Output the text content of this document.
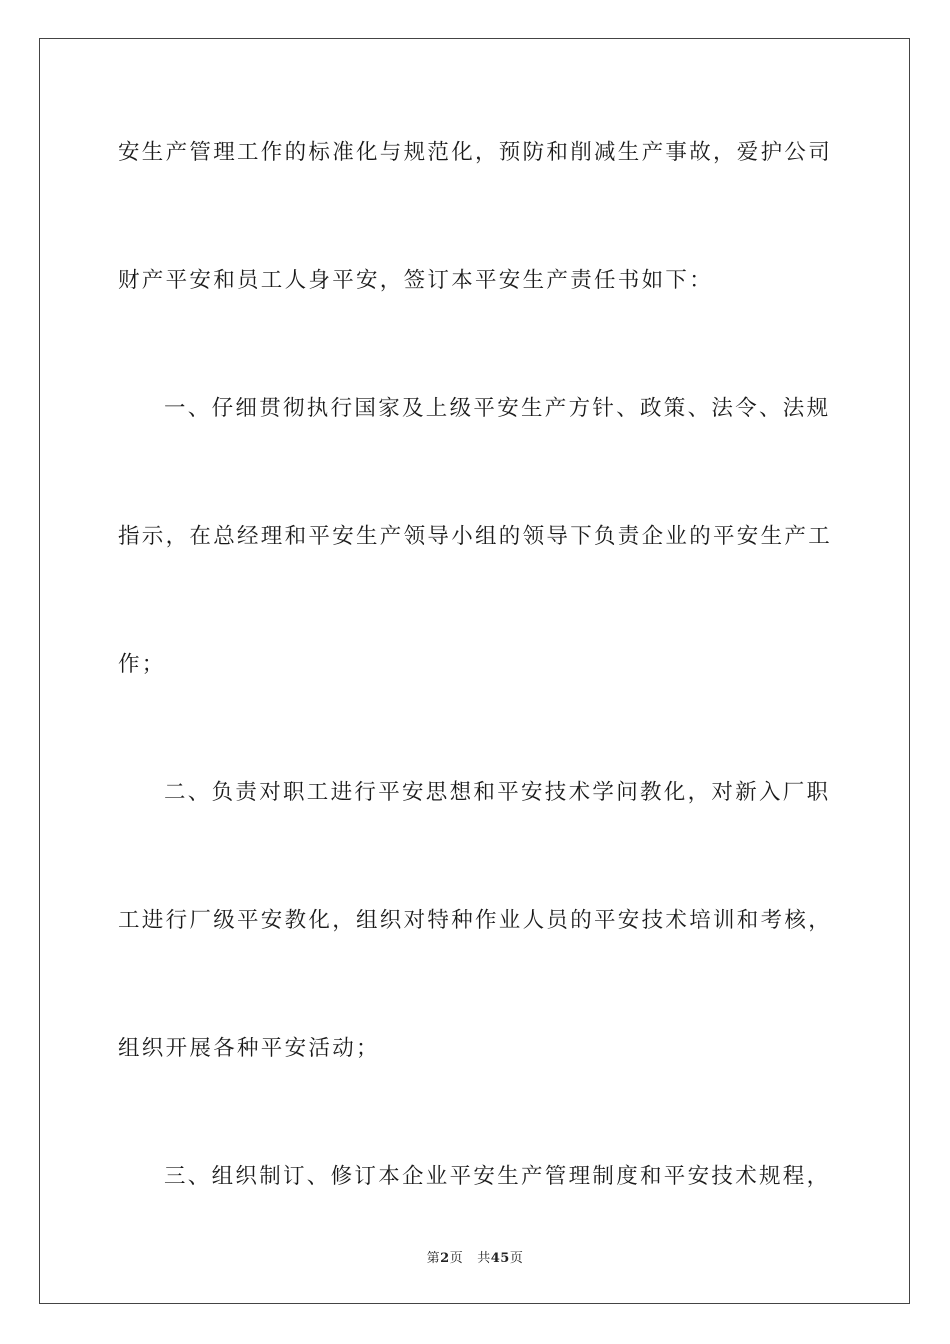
安生产管理工作的标准化与规范化，预防和削减生产事故，爱护公司
财产平安和员工人身平安，签订本平安生产责任书如下：
一、仔细贯彻执行国家及上级平安生产方针、政策、法令、法规
指示，在总经理和平安生产领导小组的领导下负责企业的平安生产工
作；
二、负责对职工进行平安思想和平安技术学问教化，对新入厂职
工进行厂级平安教化，组织对特种作业人员的平安技术培训和考核，
组织开展各种平安活动；
三、组织制订、修订本企业平安生产管理制度和平安技术规程，
第2页 共45页
